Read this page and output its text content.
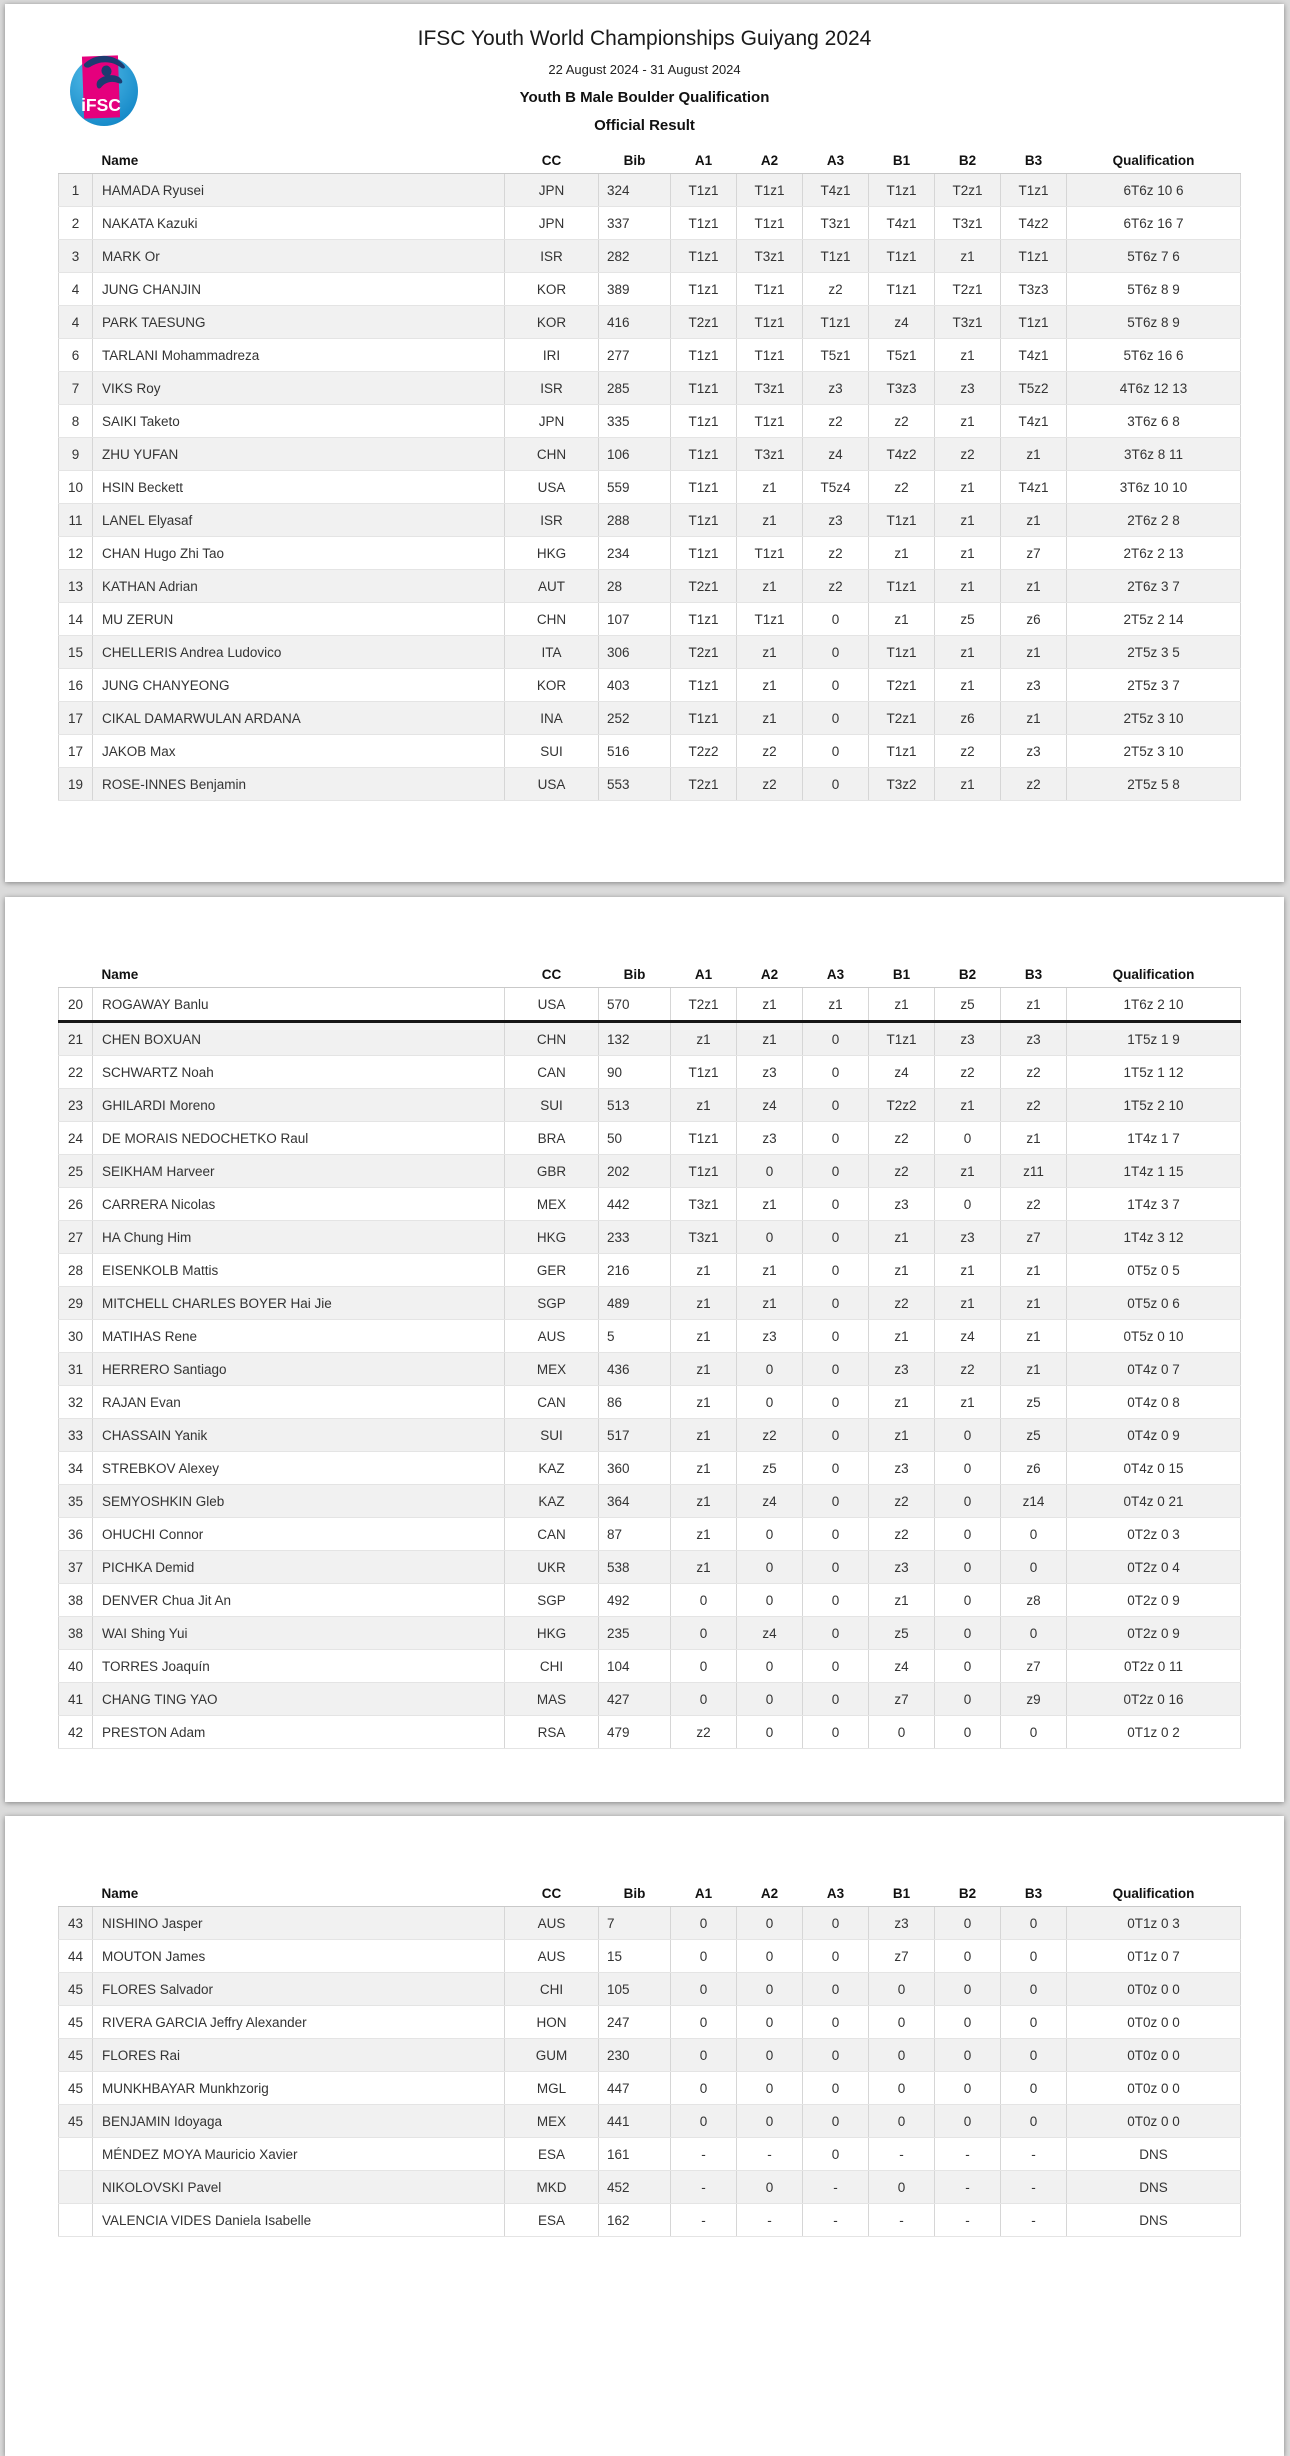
iFSC
IFSC Youth World Championships Guiyang 2024
22 August 2024 - 31 August 2024
Youth B Male Boulder Qualification
Official Result
	Name	CC	Bib	A1	A2	A3	B1	B2	B3	Qualification
1	HAMADA Ryusei	JPN	324	T1z1	T1z1	T4z1	T1z1	T2z1	T1z1	6T6z 10 6
2	NAKATA Kazuki	JPN	337	T1z1	T1z1	T3z1	T4z1	T3z1	T4z2	6T6z 16 7
3	MARK Or	ISR	282	T1z1	T3z1	T1z1	T1z1	z1	T1z1	5T6z 7 6
4	JUNG CHANJIN	KOR	389	T1z1	T1z1	z2	T1z1	T2z1	T3z3	5T6z 8 9
4	PARK TAESUNG	KOR	416	T2z1	T1z1	T1z1	z4	T3z1	T1z1	5T6z 8 9
6	TARLANI Mohammadreza	IRI	277	T1z1	T1z1	T5z1	T5z1	z1	T4z1	5T6z 16 6
7	VIKS Roy	ISR	285	T1z1	T3z1	z3	T3z3	z3	T5z2	4T6z 12 13
8	SAIKI Taketo	JPN	335	T1z1	T1z1	z2	z2	z1	T4z1	3T6z 6 8
9	ZHU YUFAN	CHN	106	T1z1	T3z1	z4	T4z2	z2	z1	3T6z 8 11
10	HSIN Beckett	USA	559	T1z1	z1	T5z4	z2	z1	T4z1	3T6z 10 10
11	LANEL Elyasaf	ISR	288	T1z1	z1	z3	T1z1	z1	z1	2T6z 2 8
12	CHAN Hugo Zhi Tao	HKG	234	T1z1	T1z1	z2	z1	z1	z7	2T6z 2 13
13	KATHAN Adrian	AUT	28	T2z1	z1	z2	T1z1	z1	z1	2T6z 3 7
14	MU ZERUN	CHN	107	T1z1	T1z1	0	z1	z5	z6	2T5z 2 14
15	CHELLERIS Andrea Ludovico	ITA	306	T2z1	z1	0	T1z1	z1	z1	2T5z 3 5
16	JUNG CHANYEONG	KOR	403	T1z1	z1	0	T2z1	z1	z3	2T5z 3 7
17	CIKAL DAMARWULAN ARDANA	INA	252	T1z1	z1	0	T2z1	z6	z1	2T5z 3 10
17	JAKOB Max	SUI	516	T2z2	z2	0	T1z1	z2	z3	2T5z 3 10
19	ROSE-INNES Benjamin	USA	553	T2z1	z2	0	T3z2	z1	z2	2T5z 5 8
	Name	CC	Bib	A1	A2	A3	B1	B2	B3	Qualification
20	ROGAWAY Banlu	USA	570	T2z1	z1	z1	z1	z5	z1	1T6z 2 10
21	CHEN BOXUAN	CHN	132	z1	z1	0	T1z1	z3	z3	1T5z 1 9
22	SCHWARTZ Noah	CAN	90	T1z1	z3	0	z4	z2	z2	1T5z 1 12
23	GHILARDI Moreno	SUI	513	z1	z4	0	T2z2	z1	z2	1T5z 2 10
24	DE MORAIS NEDOCHETKO Raul	BRA	50	T1z1	z3	0	z2	0	z1	1T4z 1 7
25	SEIKHAM Harveer	GBR	202	T1z1	0	0	z2	z1	z11	1T4z 1 15
26	CARRERA Nicolas	MEX	442	T3z1	z1	0	z3	0	z2	1T4z 3 7
27	HA Chung Him	HKG	233	T3z1	0	0	z1	z3	z7	1T4z 3 12
28	EISENKOLB Mattis	GER	216	z1	z1	0	z1	z1	z1	0T5z 0 5
29	MITCHELL CHARLES BOYER Hai Jie	SGP	489	z1	z1	0	z2	z1	z1	0T5z 0 6
30	MATIHAS Rene	AUS	5	z1	z3	0	z1	z4	z1	0T5z 0 10
31	HERRERO Santiago	MEX	436	z1	0	0	z3	z2	z1	0T4z 0 7
32	RAJAN Evan	CAN	86	z1	0	0	z1	z1	z5	0T4z 0 8
33	CHASSAIN Yanik	SUI	517	z1	z2	0	z1	0	z5	0T4z 0 9
34	STREBKOV Alexey	KAZ	360	z1	z5	0	z3	0	z6	0T4z 0 15
35	SEMYOSHKIN Gleb	KAZ	364	z1	z4	0	z2	0	z14	0T4z 0 21
36	OHUCHI Connor	CAN	87	z1	0	0	z2	0	0	0T2z 0 3
37	PICHKA Demid	UKR	538	z1	0	0	z3	0	0	0T2z 0 4
38	DENVER Chua Jit An	SGP	492	0	0	0	z1	0	z8	0T2z 0 9
38	WAI Shing Yui	HKG	235	0	z4	0	z5	0	0	0T2z 0 9
40	TORRES Joaquín	CHI	104	0	0	0	z4	0	z7	0T2z 0 11
41	CHANG TING YAO	MAS	427	0	0	0	z7	0	z9	0T2z 0 16
42	PRESTON Adam	RSA	479	z2	0	0	0	0	0	0T1z 0 2
	Name	CC	Bib	A1	A2	A3	B1	B2	B3	Qualification
43	NISHINO Jasper	AUS	7	0	0	0	z3	0	0	0T1z 0 3
44	MOUTON James	AUS	15	0	0	0	z7	0	0	0T1z 0 7
45	FLORES Salvador	CHI	105	0	0	0	0	0	0	0T0z 0 0
45	RIVERA GARCIA Jeffry Alexander	HON	247	0	0	0	0	0	0	0T0z 0 0
45	FLORES Rai	GUM	230	0	0	0	0	0	0	0T0z 0 0
45	MUNKHBAYAR Munkhzorig	MGL	447	0	0	0	0	0	0	0T0z 0 0
45	BENJAMIN Idoyaga	MEX	441	0	0	0	0	0	0	0T0z 0 0
	MÉNDEZ MOYA Mauricio Xavier	ESA	161	-	-	0	-	-	-	DNS
	NIKOLOVSKI Pavel	MKD	452	-	0	-	0	-	-	DNS
	VALENCIA VIDES Daniela Isabelle	ESA	162	-	-	-	-	-	-	DNS
